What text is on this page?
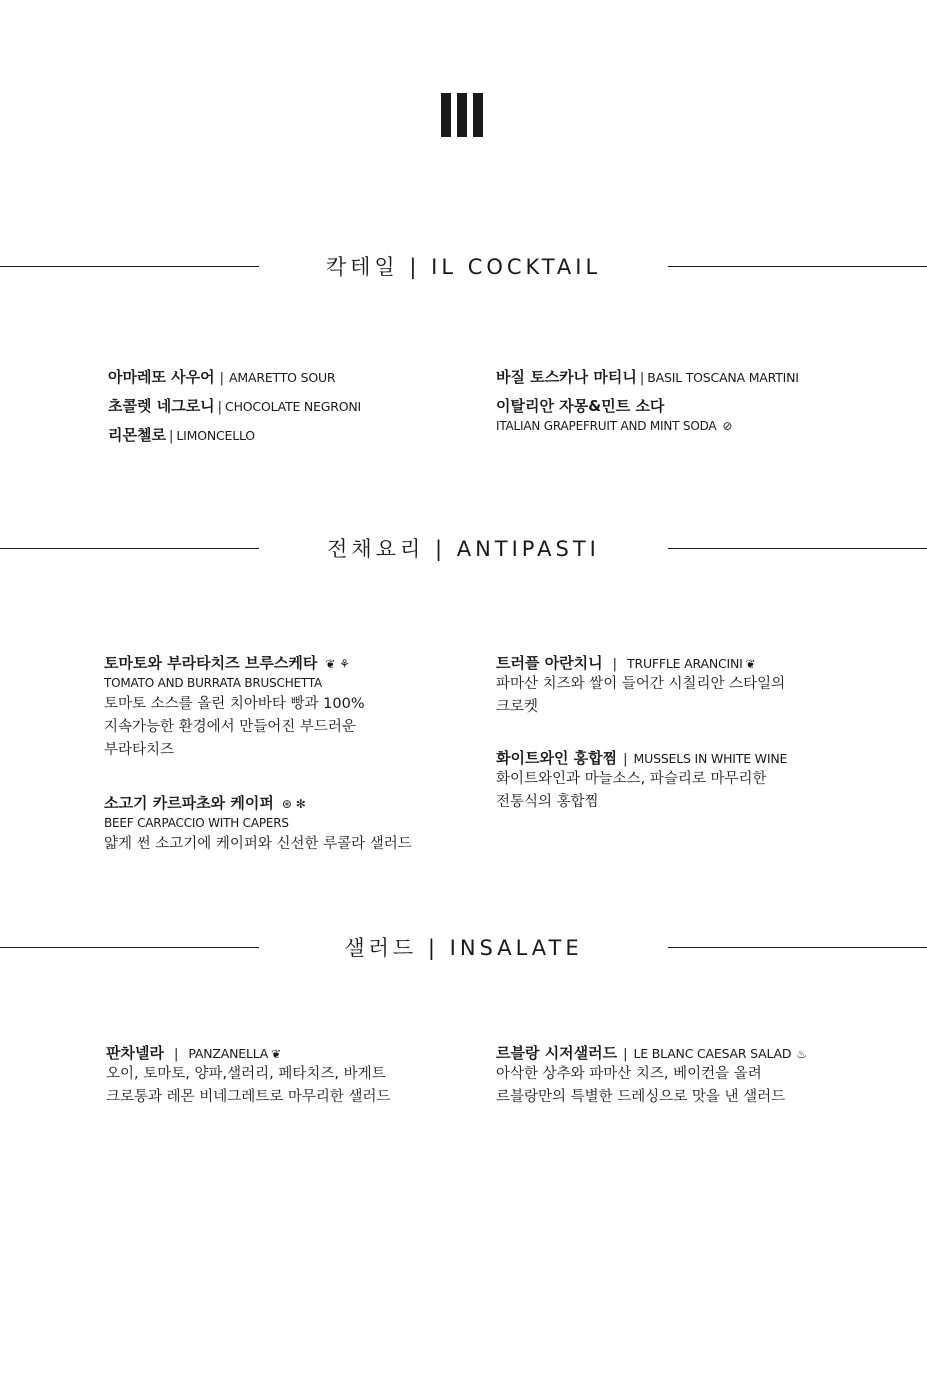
칵테일 | IL COCKTAIL
아마레또 사우어 | AMARETTO SOUR
초콜렛 네그로니 | CHOCOLATE NEGRONI
리몬첼로 | LIMONCELLO
바질 토스카나 마티니 | BASIL TOSCANA MARTINI
이탈리안 자몽&민트 소다
ITALIAN GRAPEFRUIT AND MINT SODA ⊘
전채요리 | ANTIPASTI
토마토와 부라타치즈 브루스케타 ❦ ⚘
TOMATO AND BURRATA BRUSCHETTA
토마토 소스를 올린 치아바타 빵과 100%
지속가능한 환경에서 만들어진 부드러운
부라타치즈
소고기 카르파초와 케이퍼 ⊛ ✻
BEEF CARPACCIO WITH CAPERS
얇게 썬 소고기에 케이퍼와 신선한 루콜라 샐러드
트러플 아란치니 | TRUFFLE ARANCINI ❦
파마산 치즈와 쌀이 들어간 시칠리안 스타일의
크로켓
화이트와인 홍합찜 | MUSSELS IN WHITE WINE
화이트와인과 마늘소스, 파슬리로 마무리한
전통식의 홍합찜
샐러드 | INSALATE
판차넬라 | PANZANELLA ❦
오이, 토마토, 양파,샐러리, 페타치즈, 바게트
크로통과 레몬 비네그레트로 마무리한 샐러드
르블랑 시저샐러드 | LE BLANC CAESAR SALAD ♨
아삭한 상추와 파마산 치즈, 베이컨을 올려
르블랑만의 특별한 드레싱으로 맛을 낸 샐러드
